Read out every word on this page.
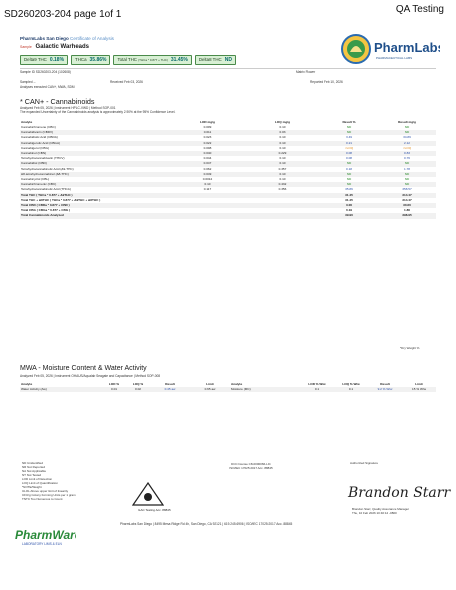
SD260203-204 page 1of 1	QA Testing
PharmLabs San Diego Certificate of Analysis
Sample Galactic Warheads
Delta9 THC 0.18%	THCa 35.86%	Total THC (THCa * 0.877 + THC) 31.45%	Delta8 THC ND
PharmLabs
PHARMACEUTICAL LABS
Sample ID SD260203-204 (102608)	Matrix Flower
Sampled --	Received Feb 03, 2026	Reported Feb 10, 2026
Analyses executed CAN+, MWA, SDM
* CAN+ - Cannabinoids
Analyzed Feb 05, 2026 | Instrument HPLC-VWD | Method SOP-001
The expanded Uncertainty of the Cannabinoids analysis is approximately 2.90% at the 95% Confidence Level.
Analyte	LOD mg/g	LOQ mg/g	Result %	Result mg/g
Cannabichromene (CBC)	0.009	0.10	ND	ND
Cannabidivarin (CBDV)	0.011	0.03	ND	ND
Cannabidiolic Acid (CBDA)	0.023	0.10	3.49	34.89
Cannabigerolic Acid (CBGA)	0.022	0.10	0.21	2.12
Cannabigerol (CBG)	0.008	0.10	<LOQ	<LOQ
Cannabinol (CBN)	0.040	0.229	0.08	0.83
Tetrahydrocannabivarin (THCV)	0.044	0.10	0.08	0.76
Cannabidiol (CBD)	0.047	0.10	ND	ND
Tetrahydrocannabinolic Acid (Δ9-THC)	0.062	0.357	0.18	1.78
Δ8-tetrahydrocannabinol (Δ8-THC)	0.049	0.10	ND	ND
Cannabicyclol (CBL)	0.0012	0.10	ND	ND
Cannabichromenic (CBC)	0.10	0.432	ND	ND
Tetrahydrocannabinolic Acid (THCA)	0.117	0.356	35.86	358.57
Total THC ( THCa * 0.877 + Δ9THC )			31.45	314.47
Total THC + Δ8THC ( THCa * 0.877 + Δ9THC + Δ8THC )			31.45	314.47
Total CBD ( CBDa * 0.877 + CBD )			3.06	30.60
Total CBG ( CBGa * 0.877 + CBG )			0.19	1.86
Total Cannabinoids Analyzed			39.90	398.95
*Dry Weight %
MWA - Moisture Content & Water Activity
Analyzed Feb 05, 2026 | Instrument OHAUS/Aqualab Seagate and Capacitance | Method SOP-008
Analyte	LOD %	LOQ %	Result	Limit	Analyte	LOD % W/w	LOQ % W/w	Result	Limit
Water Activity (Aw)	0.01	0.02	0.45 aw	0.65 aw	Moisture (MC)	0.1	0.1	9.2 % W/w	15 % W/w
ND Unidentified
NR Not Reported
NA Not Applicable
NT Not Tested
LOD Limit of Detection
LOQ Limit of Quantification
*NOTE/Weight
ULOL Above upper limit of linearity
CFU/g Colony Forming Units per 1 gram
TNTC Too Numerous to Count
ILAC Testing Acc. 88845
DCC license C8-0000066-LIC
ISO/IEC 17025:2017 Acc. 88845
Authorized Signature
Brandon Starr
Brandon Starr, Quality Assurance Manager
Thu, 10 Feb 2026 10:40:12 -0800
PharmWare
LABORATORY LIMS & ELN
PharmLabs San Diego | 8495 Mesa Ridge Rd 4h, San Diego, CA 92121 | 619.245.6906 | ISO/IEC 17025:2017 Acc. 88845
